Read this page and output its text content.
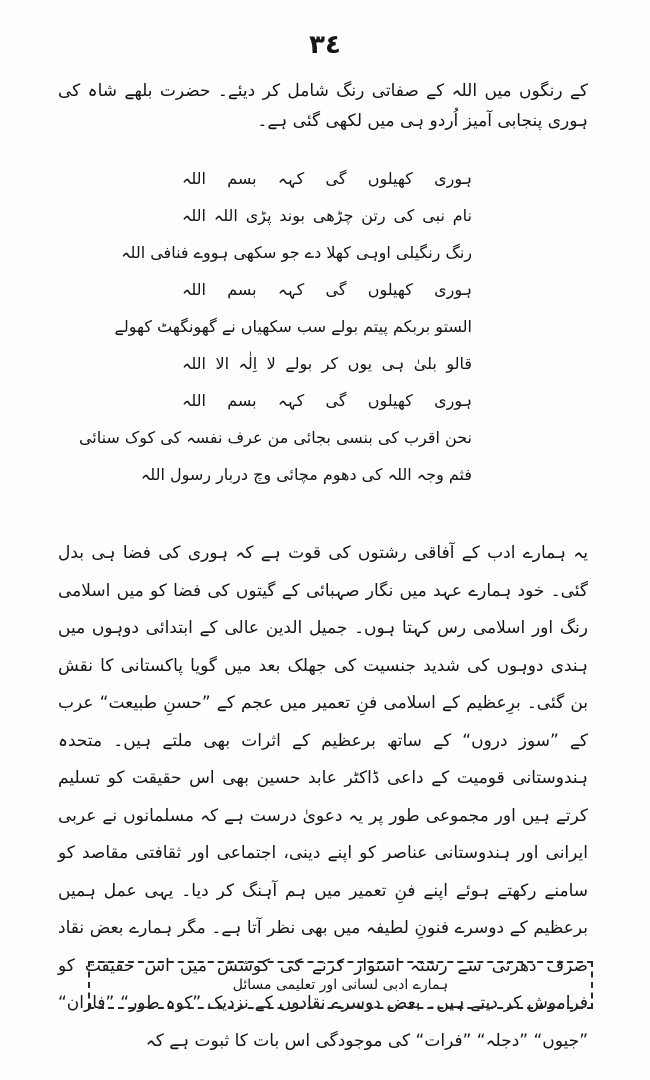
٣٤

کے رنگوں میں اللہ کے صفاتی رنگ شامل کر دیئے۔ حضرت بلھے شاہ کی ہوری پنجابی آمیز اُردو ہی میں لکھی گئی ہے۔

ہوری کھیلوں گی کہہ بسم اللہ
نام نبی کی رتن چڑھی بوند پڑی اللہ اللہ
رنگ رنگیلی اوہی کھلا دے جو سکھی ہووے فنافی اللہ
ہوری کھیلوں گی کہہ بسم اللہ
الستو بربکم پیتم بولے سب سکھیاں نے گھونگھٹ کھولے
قالو بلیٰ ہی یوں کر بولے لا اِلٰہ الا اللہ
ہوری کھیلوں گی کہہ بسم اللہ
نحن اقرب کی بنسی بجائی من عرف نفسہ کی کوک سنائی
فثم وجہ اللہ کی دھوم مچائی وچ دربار رسول اللہ

یہ ہمارے ادب کے آفاقی رشتوں کی قوت ہے کہ ہوری کی فضا ہی بدل گئی۔ خود ہمارے عہد میں نگار صہبائی کے گیتوں کی فضا کو میں اسلامی رنگ اور اسلامی رس کہتا ہوں۔ جمیل الدین عالی کے ابتدائی دوہوں میں ہندی دوہوں کی شدید جنسیت کی جھلک بعد میں گویا پاکستانی کا نقش بن گئی۔ برِعظیم کے اسلامی فنِ تعمیر میں عجم کے ”حسنِ طبیعت“ عرب کے ”سوز دروں“ کے ساتھ برعظیم کے اثرات بھی ملتے ہیں۔ متحدہ ہندوستانی قومیت کے داعی ڈاکٹر عابد حسین بھی اس حقیقت کو تسلیم کرتے ہیں اور مجموعی طور پر یہ دعویٰ درست ہے کہ مسلمانوں نے عربی ایرانی اور ہندوستانی عناصر کو اپنے دینی، اجتماعی اور ثقافتی مقاصد کو سامنے رکھتے ہوئے اپنے فنِ تعمیر میں ہم آہنگ کر دیا۔ یہی عمل ہمیں برعظیم کے دوسرے فنونِ لطیفہ میں بھی نظر آتا ہے۔ مگر ہمارے بعض نقاد صرف دھرتی سے رشتہ استوار کرنے کی کوشش میں اس حقیقت کو فراموش کر دیتے ہیں۔ بعض دوسرے نقادوں کے نزدیک ”کوہ طور“ ”فاران“ ”جیوں“ ”دجلہ“ ”فرات“ کی موجودگی اس بات کا ثبوت ہے کہ

ہمارے ادبی لسانی اور تعلیمی مسائل
